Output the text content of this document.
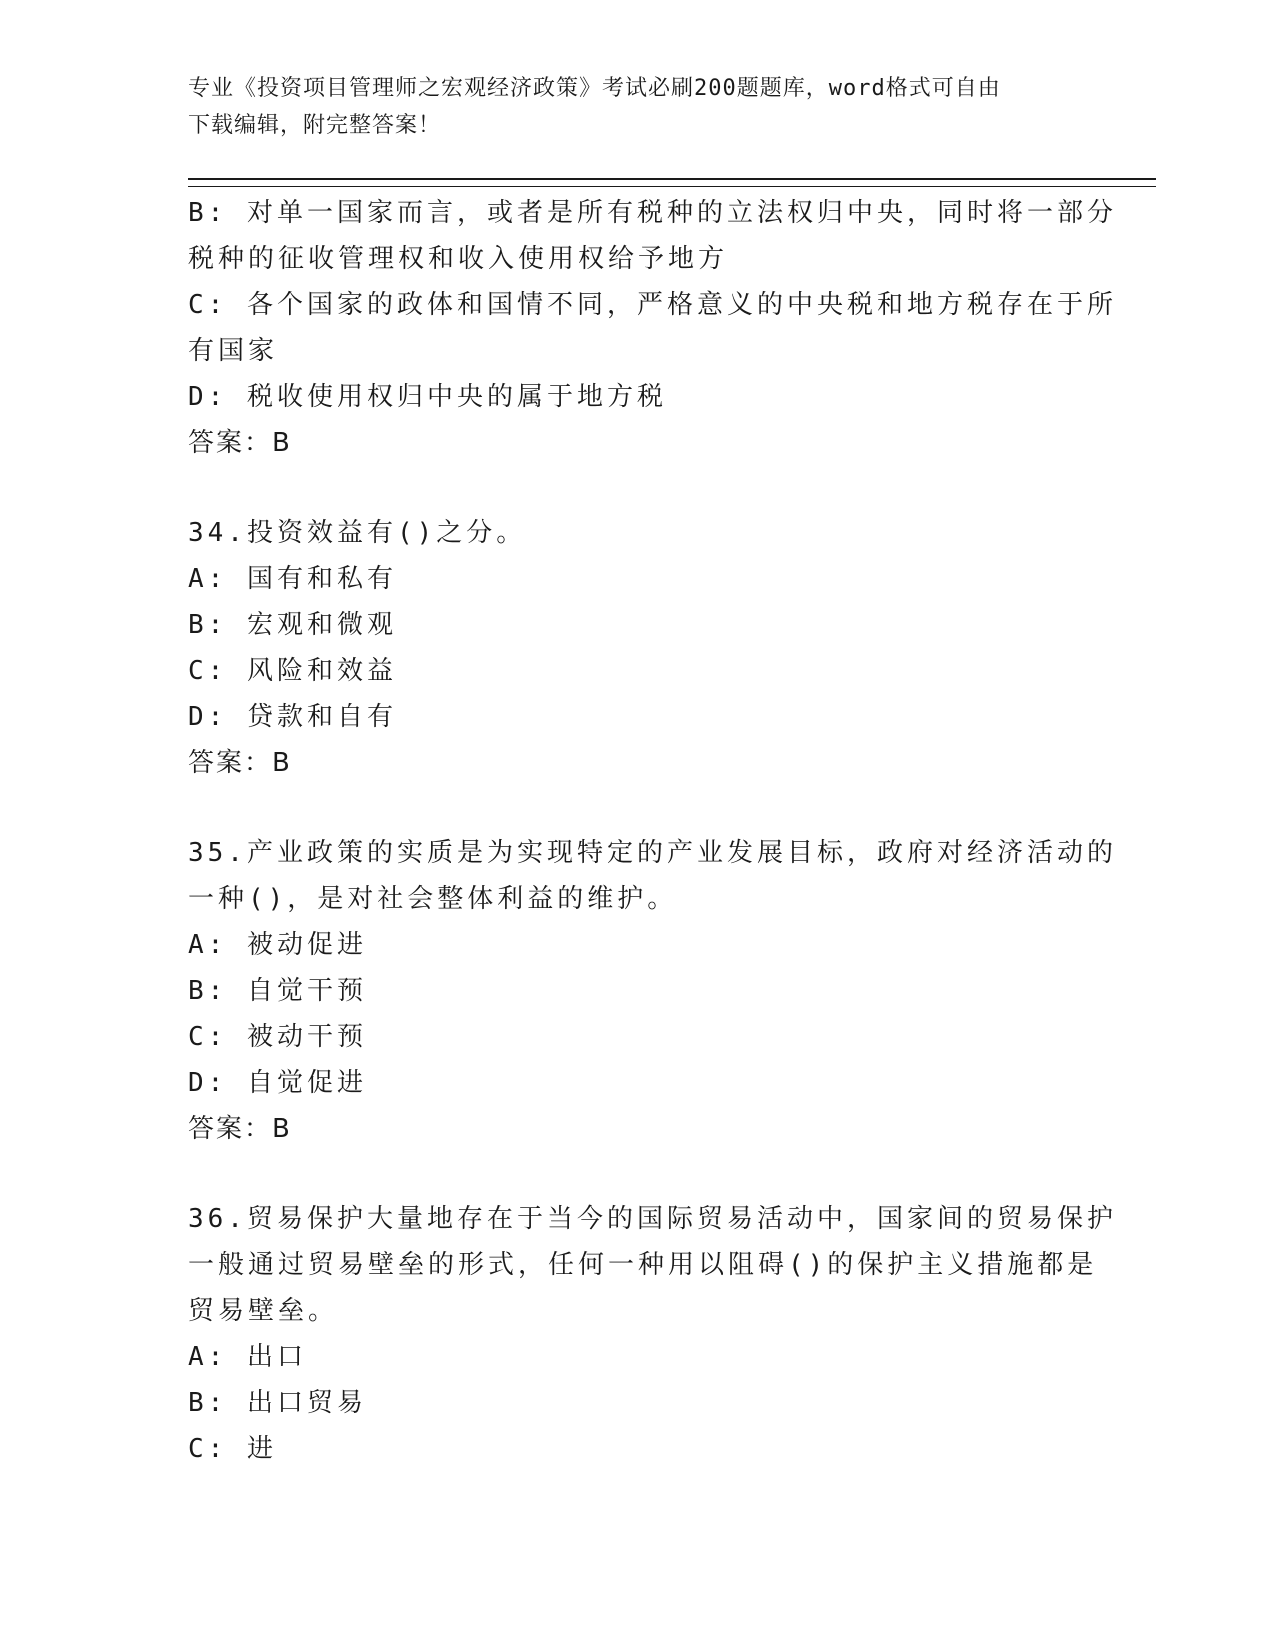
专业《投资项目管理师之宏观经济政策》考试必刷200题题库，word格式可自由
下载编辑，附完整答案！
B: 对单一国家而言，或者是所有税种的立法权归中央，同时将一部分
税种的征收管理权和收入使用权给予地方
C: 各个国家的政体和国情不同，严格意义的中央税和地方税存在于所
有国家
D: 税收使用权归中央的属于地方税
答案：B
34.投资效益有()之分。
A: 国有和私有
B: 宏观和微观
C: 风险和效益
D: 贷款和自有
答案：B
35.产业政策的实质是为实现特定的产业发展目标，政府对经济活动的
一种()，是对社会整体利益的维护。
A: 被动促进
B: 自觉干预
C: 被动干预
D: 自觉促进
答案：B
36.贸易保护大量地存在于当今的国际贸易活动中，国家间的贸易保护
一般通过贸易壁垒的形式，任何一种用以阻碍()的保护主义措施都是
贸易壁垒。
A: 出口
B: 出口贸易
C: 进
